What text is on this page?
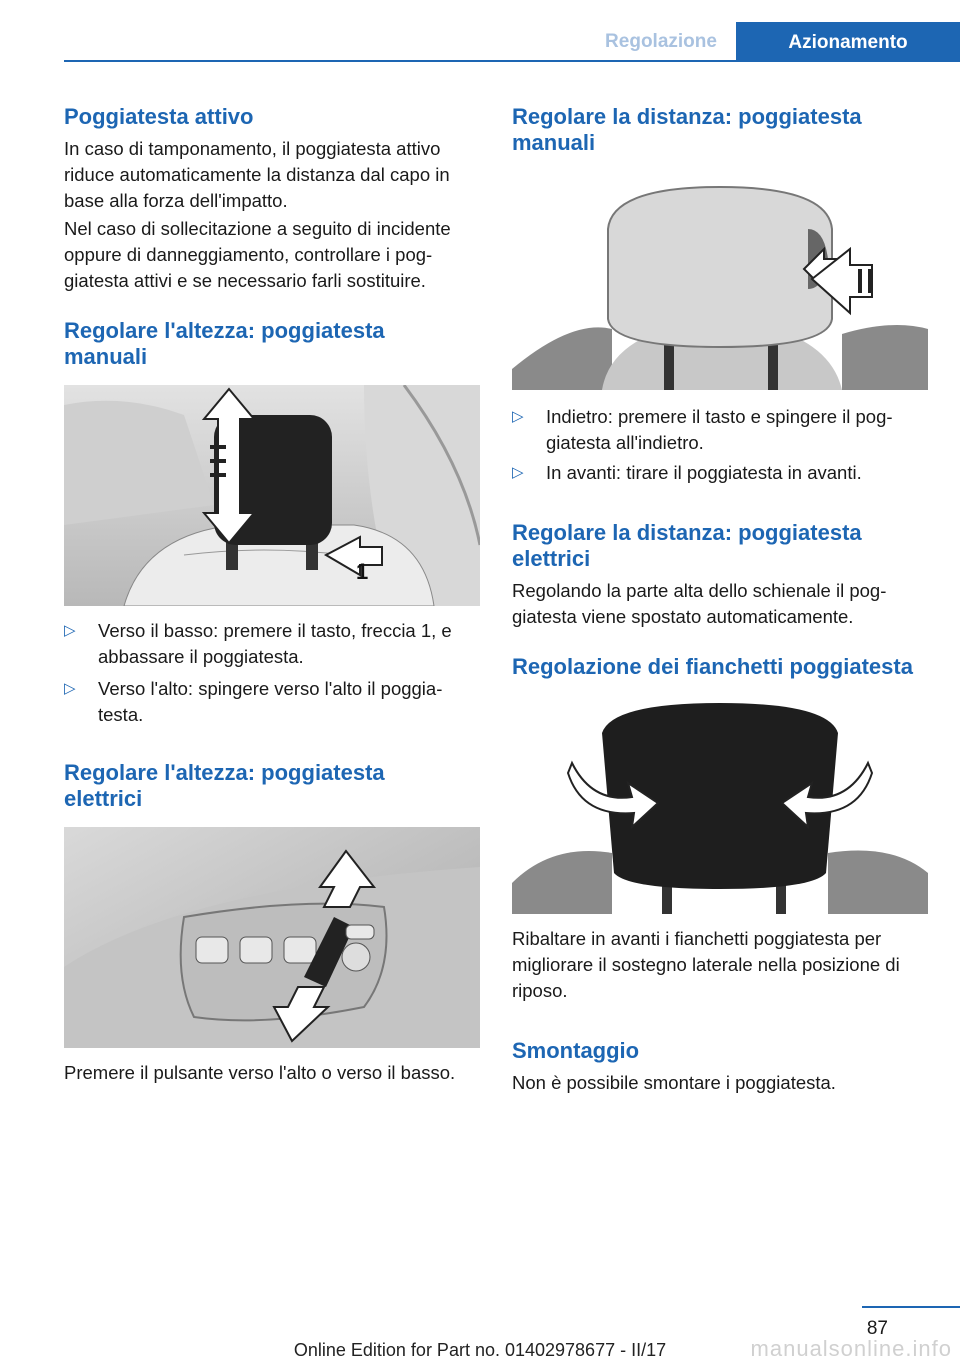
Regolazione	Azionamento
Poggiatesta attivo

In caso di tamponamento, il poggiatesta attivo riduce automaticamente la distanza dal capo in base alla forza dell'impatto.

Nel caso di sollecitazione a seguito di incidente oppure di danneggiamento, controllare i pog‐giatesta attivi e se necessario farli sostituire.

Regolare l'altezza: poggiatesta manuali
1
▷ Verso il basso: premere il tasto, freccia 1, e abbassare il poggiatesta.
▷ Verso l'alto: spingere verso l'alto il poggia‐testa.
Regolare l'altezza: poggiatesta elettrici

Premere il pulsante verso l'alto o verso il basso.

Regolare la distanza: poggiatesta manuali
▷ Indietro: premere il tasto e spingere il pog‐giatesta all'indietro.
▷ In avanti: tirare il poggiatesta in avanti.
Regolare la distanza: poggiatesta elettrici

Regolando la parte alta dello schienale il pog‐giatesta viene spostato automaticamente.

Regolazione dei fianchetti poggiatesta

Ribaltare in avanti i fianchetti poggiatesta per migliorare il sostegno laterale nella posizione di riposo.

Smontaggio

Non è possibile smontare i poggiatesta.

87
Online Edition for Part no. 01402978677 - II/17	manualsonline.info
